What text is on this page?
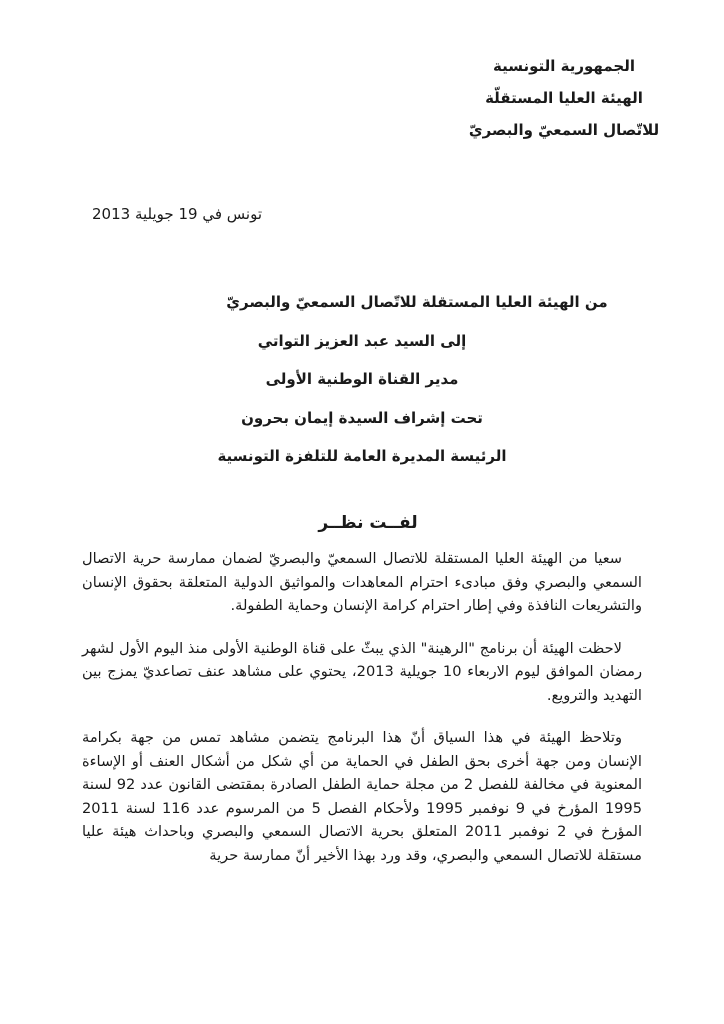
الجمهورية التونسية
الهيئة العليا المستقلّة
للاتّصال السمعيّ والبصريّ
تونس في 19 جويلية 2013
من الهيئة العليا المستقلة للاتّصال السمعيّ والبصريّ
إلى السيد عبد العزيز التواتي
مدير القناة الوطنية الأولى
تحت إشراف السيدة إيمان بحرون
الرئيسة المديرة العامة للتلفزة التونسية
لفــت نظــر

سعيا من الهيئة العليا المستقلة للاتصال السمعيّ والبصريّ لضمان ممارسة حرية الاتصال السمعي والبصري وفق مبادىء احترام المعاهدات والمواثيق الدولية المتعلقة بحقوق الإنسان والتشريعات النافذة وفي إطار احترام كرامة الإنسان وحماية الطفولة.

لاحظت الهيئة أن برنامج "الرهينة" الذي يبثّ على قناة الوطنية الأولى منذ اليوم الأول لشهر رمضان الموافق ليوم الاربعاء 10 جويلية 2013، يحتوي على مشاهد عنف تصاعديّ يمزج بين التهديد والترويع.

وتلاحظ الهيئة في هذا السياق أنّ هذا البرنامج يتضمن مشاهد تمس من جهة بكرامة الإنسان ومن جهة أخرى بحق الطفل في الحماية من أي شكل من أشكال العنف أو الإساءة المعنوية في مخالفة للفصل 2 من مجلة حماية الطفل الصادرة بمقتضى القانون عدد 92 لسنة 1995 المؤرخ في 9 نوفمبر 1995 ولأحكام الفصل 5 من المرسوم عدد 116 لسنة 2011 المؤرخ في 2 نوفمبر 2011 المتعلق بحرية الاتصال السمعي والبصري وباحداث هيئة عليا مستقلة للاتصال السمعي والبصري، وقد ورد بهذا الأخير أنّ ممارسة حرية
